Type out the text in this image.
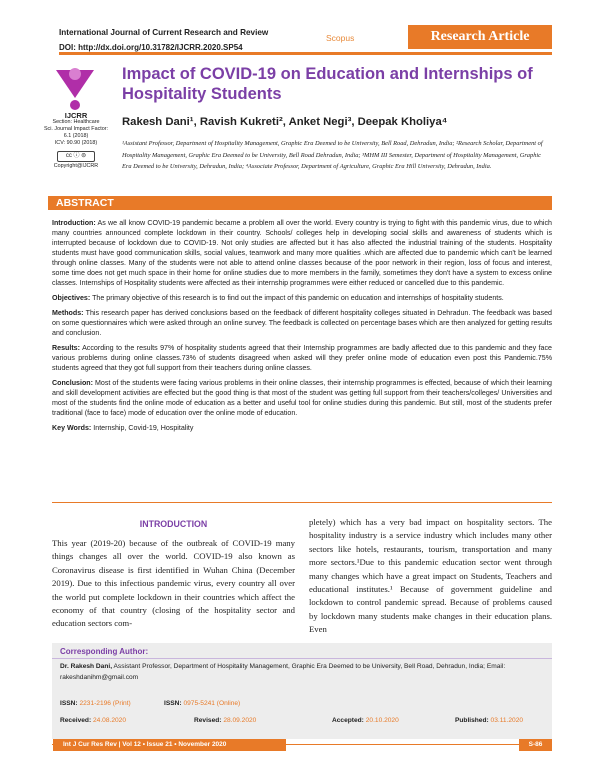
International Journal of Current Research and Review
DOI: http://dx.doi.org/10.31782/IJCRR.2020.SP54
Scopus	Research Article
IJCRR
Section: Healthcare
Sci. Journal Impact Factor: 6.1 (2018)
ICV: 90.90 (2018)
cc ⓘ ⊜
Copyright@IJCRR
Impact of COVID-19 on Education and Internships of Hospitality Students
Rakesh Dani¹, Ravish Kukreti², Anket Negi³, Deepak Kholiya⁴
¹Assistant Professor, Department of Hospitality Management, Graphic Era Deemed to be University, Bell Road, Dehradun, India; ²Research Scholar, Department of Hospitality Management, Graphic Era Deemed to be University, Bell Road Dehradun, India; ³MHM III Semester, Department of Hospitality Management, Graphic Era Deemed to be University, Dehradun, India; ⁴Associate Professor, Department of Agriculture, Graphic Era Hill University, Dehradun, India.
ABSTRACT

Introduction: As we all know COVID-19 pandemic became a problem all over the world. Every country is trying to fight with this pandemic virus, due to which many countries announced complete lockdown in their country. Schools/ colleges help in developing social skills and awareness of students which is interrupted because of lockdown due to COVID-19. Not only studies are affected but it has also affected the industrial training of the students. Hospitality students must have good communication skills, social values, teamwork and many more qualities .which are affected due to pandemic which can't be learned through online classes. Many of the students were not able to attend online classes because of the poor network in their region, loss of focus and interest, some time does not get much space in their home for online studies due to more members in the family, sometimes they don't have a system to excess online classes. Internships of Hospitality students were affected as their internship programmes were either reduced or cancelled due to this pandemic.

Objectives: The primary objective of this research is to find out the impact of this pandemic on education and internships of hospitality students.

Methods: This research paper has derived conclusions based on the feedback of different hospitality colleges situated in Dehradun. The feedback was based on some questionnaires which were asked through an online survey. The feedback is collected on percentage bases which are then analyzed for getting results and conclusion.

Results: According to the results 97% of hospitality students agreed that their Internship programmes are badly affected due to this pandemic and they face various problems during online classes.73% of students disagreed when asked will they prefer online mode of education even post this Pandemic.75% students agreed that they got full support from their teachers during online classes.

Conclusion: Most of the students were facing various problems in their online classes, their internship programmes is effected, because of which their learning and skill development activities are effected but the good thing is that most of the student was getting full support from their teachers/colleges/ Universities and most of the students find the online mode of education as a better and useful tool for online studies during this pandemic. But still, most of the students prefer traditional (face to face) mode of education over the online mode of education.

Key Words: Internship, Covid-19, Hospitality

INTRODUCTION
This year (2019-20) because of the outbreak of COVID-19 many things changes all over the world. COVID-19 also known as Coronavirus disease is first identified in Wuhan China (December 2019). Due to this infectious pandemic virus, every country all over the world put complete lockdown in their countries which affect the economy of that country (closing of the hospitality sector and education sectors com-
pletely) which has a very bad impact on hospitality sectors. The hospitality industry is a service industry which includes many other sectors like hotels, restaurants, tourism, transportation and many more sectors.¹Due to this pandemic education sector went through many changes which have a great impact on Students, Teachers and educational institutes.¹ Because of government guideline and lockdown to control pandemic spread. Because of problems caused by lockdown many students make changes in their education plans. Even
Corresponding Author:
Dr. Rakesh Dani, Assistant Professor, Department of Hospitality Management, Graphic Era Deemed to be University, Bell Road, Dehradun, India; Email: rakeshdanihm@gmail.com
ISSN: 2231-2196 (Print)	ISSN: 0975-5241 (Online)
Received: 24.08.2020	Revised: 28.09.2020	Accepted: 20.10.2020	Published: 03.11.2020
Int J Cur Res Rev | Vol 12 • Issue 21 • November 2020	S-86
